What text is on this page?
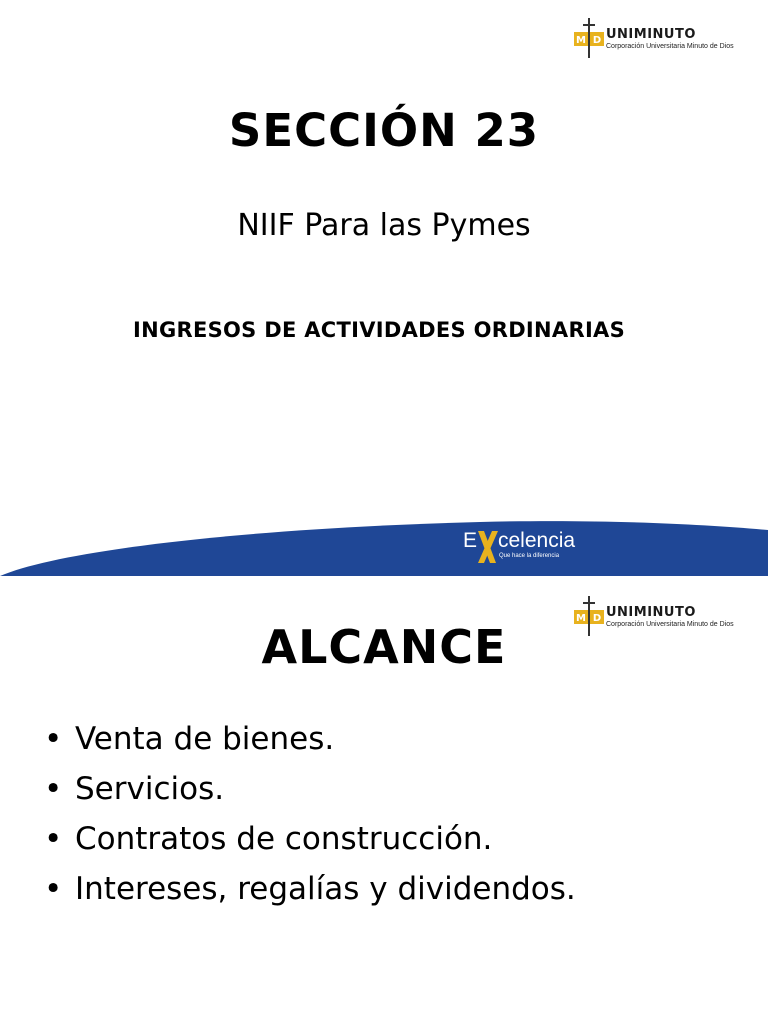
M D UNIMINUTO
Corporación Universitaria Minuto de Dios
SECCIÓN 23
NIIF Para las Pymes
INGRESOS DE ACTIVIDADES ORDINARIAS
E celencia
Que hace la diferencia
M D UNIMINUTO
Corporación Universitaria Minuto de Dios
ALCANCE
• Venta de bienes.
• Servicios.
• Contratos de construcción.
• Intereses, regalías y dividendos.
